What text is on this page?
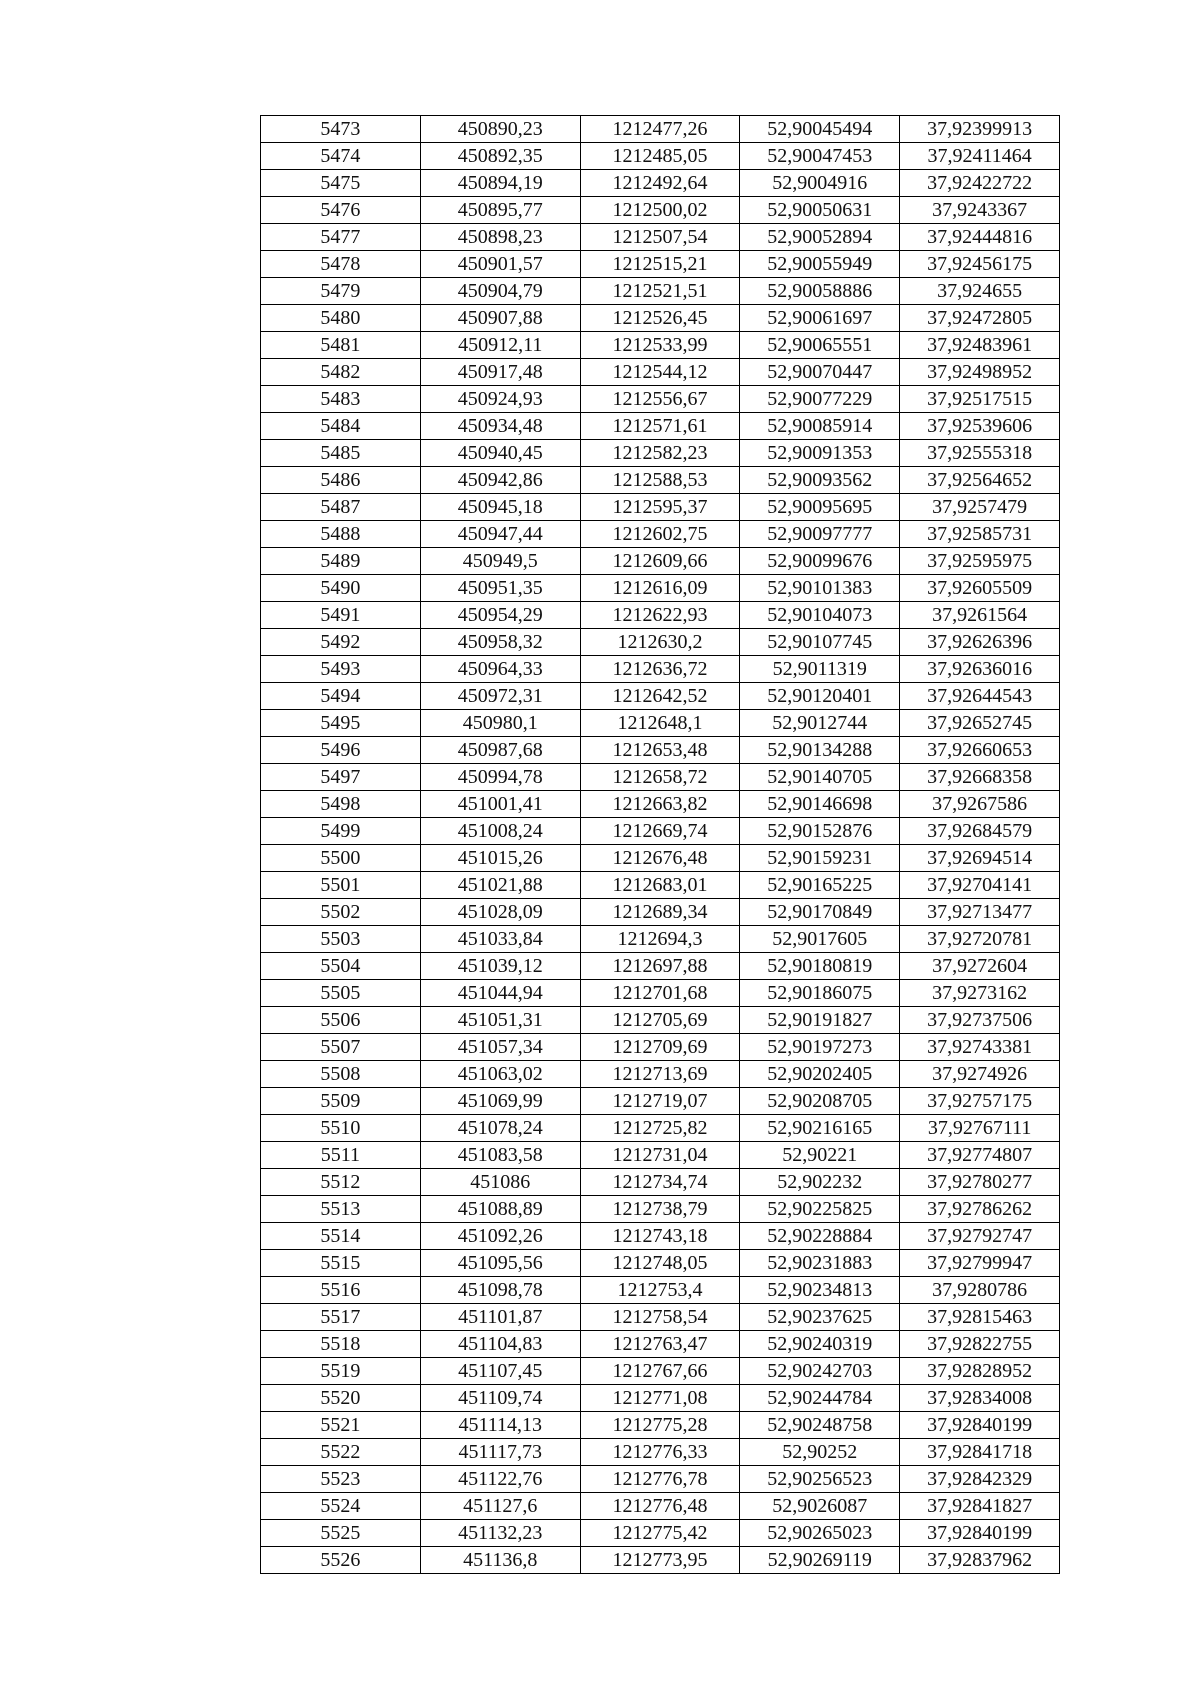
5473	450890,23	1212477,26	52,90045494	37,92399913
5474	450892,35	1212485,05	52,90047453	37,92411464
5475	450894,19	1212492,64	52,9004916	37,92422722
5476	450895,77	1212500,02	52,90050631	37,9243367
5477	450898,23	1212507,54	52,90052894	37,92444816
5478	450901,57	1212515,21	52,90055949	37,92456175
5479	450904,79	1212521,51	52,90058886	37,924655
5480	450907,88	1212526,45	52,90061697	37,92472805
5481	450912,11	1212533,99	52,90065551	37,92483961
5482	450917,48	1212544,12	52,90070447	37,92498952
5483	450924,93	1212556,67	52,90077229	37,92517515
5484	450934,48	1212571,61	52,90085914	37,92539606
5485	450940,45	1212582,23	52,90091353	37,92555318
5486	450942,86	1212588,53	52,90093562	37,92564652
5487	450945,18	1212595,37	52,90095695	37,9257479
5488	450947,44	1212602,75	52,90097777	37,92585731
5489	450949,5	1212609,66	52,90099676	37,92595975
5490	450951,35	1212616,09	52,90101383	37,92605509
5491	450954,29	1212622,93	52,90104073	37,9261564
5492	450958,32	1212630,2	52,90107745	37,92626396
5493	450964,33	1212636,72	52,9011319	37,92636016
5494	450972,31	1212642,52	52,90120401	37,92644543
5495	450980,1	1212648,1	52,9012744	37,92652745
5496	450987,68	1212653,48	52,90134288	37,92660653
5497	450994,78	1212658,72	52,90140705	37,92668358
5498	451001,41	1212663,82	52,90146698	37,9267586
5499	451008,24	1212669,74	52,90152876	37,92684579
5500	451015,26	1212676,48	52,90159231	37,92694514
5501	451021,88	1212683,01	52,90165225	37,92704141
5502	451028,09	1212689,34	52,90170849	37,92713477
5503	451033,84	1212694,3	52,9017605	37,92720781
5504	451039,12	1212697,88	52,90180819	37,9272604
5505	451044,94	1212701,68	52,90186075	37,9273162
5506	451051,31	1212705,69	52,90191827	37,92737506
5507	451057,34	1212709,69	52,90197273	37,92743381
5508	451063,02	1212713,69	52,90202405	37,9274926
5509	451069,99	1212719,07	52,90208705	37,92757175
5510	451078,24	1212725,82	52,90216165	37,92767111
5511	451083,58	1212731,04	52,90221	37,92774807
5512	451086	1212734,74	52,902232	37,92780277
5513	451088,89	1212738,79	52,90225825	37,92786262
5514	451092,26	1212743,18	52,90228884	37,92792747
5515	451095,56	1212748,05	52,90231883	37,92799947
5516	451098,78	1212753,4	52,90234813	37,9280786
5517	451101,87	1212758,54	52,90237625	37,92815463
5518	451104,83	1212763,47	52,90240319	37,92822755
5519	451107,45	1212767,66	52,90242703	37,92828952
5520	451109,74	1212771,08	52,90244784	37,92834008
5521	451114,13	1212775,28	52,90248758	37,92840199
5522	451117,73	1212776,33	52,90252	37,92841718
5523	451122,76	1212776,78	52,90256523	37,92842329
5524	451127,6	1212776,48	52,9026087	37,92841827
5525	451132,23	1212775,42	52,90265023	37,92840199
5526	451136,8	1212773,95	52,90269119	37,92837962
